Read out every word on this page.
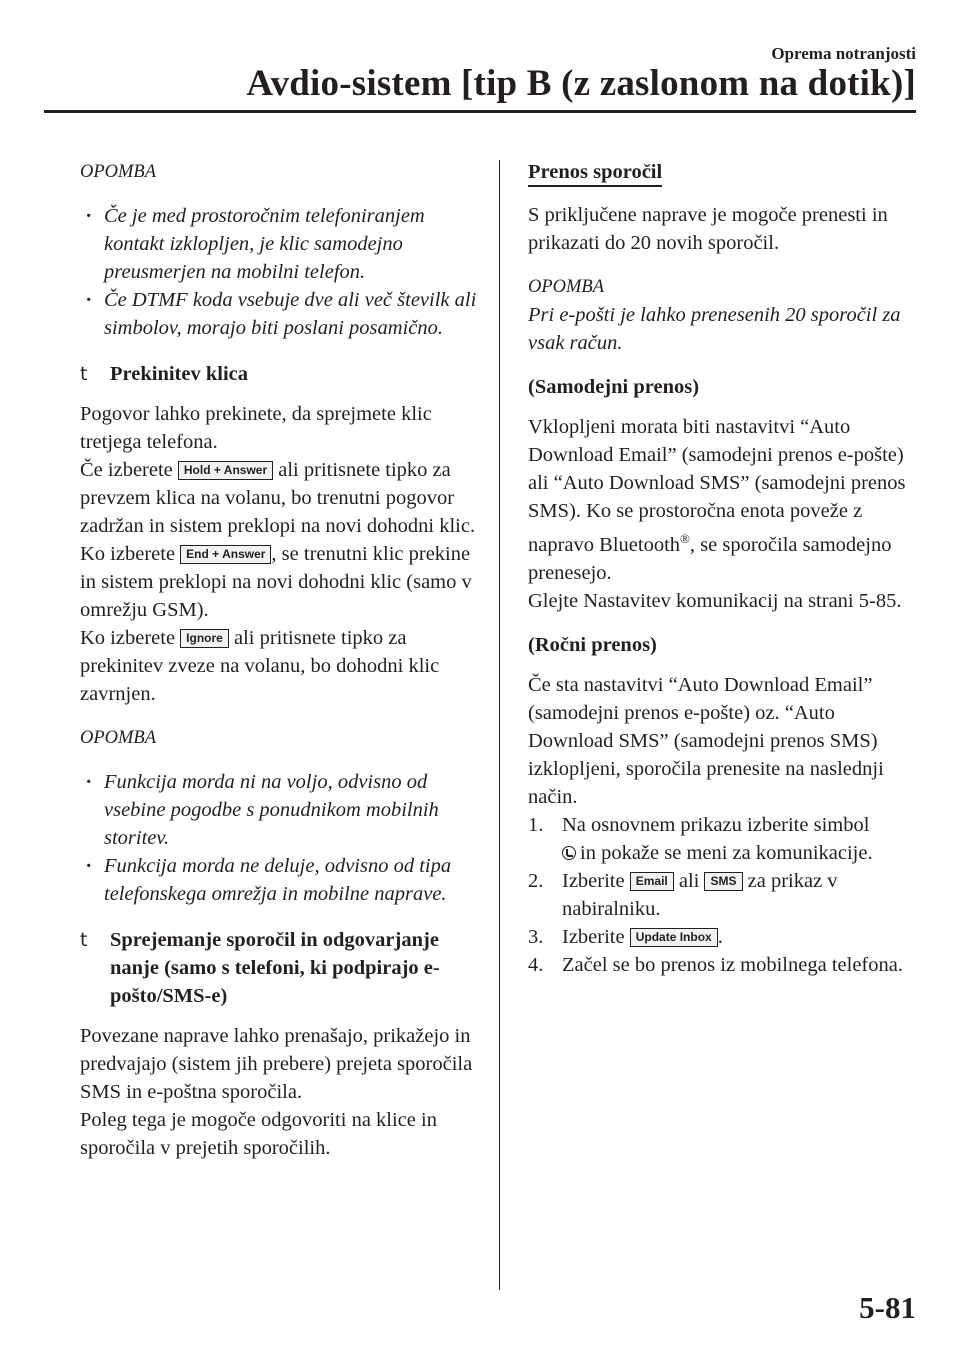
Oprema notranjosti
Avdio-sistem [tip B (z zaslonom na dotik)]

OPOMBA

· Če je med prostoročnim telefoniranjem kontakt izklopljen, je klic samodejno preusmerjen na mobilni telefon.
· Če DTMF koda vsebuje dve ali več številk ali simbolov, morajo biti poslani posamično.

t Prekinitev klica

Pogovor lahko prekinete, da sprejmete klic tretjega telefona.
Če izberete Hold + Answer ali pritisnete tipko za prevzem klica na volanu, bo trenutni pogovor zadržan in sistem preklopi na novi dohodni klic.
Ko izberete End + Answer , se trenutni klic prekine in sistem preklopi na novi dohodni klic (samo v omrežju GSM).
Ko izberete Ignore ali pritisnete tipko za prekinitev zveze na volanu, bo dohodni klic zavrnjen.

OPOMBA

· Funkcija morda ni na voljo, odvisno od vsebine pogodbe s ponudnikom mobilnih storitev.
· Funkcija morda ne deluje, odvisno od tipa telefonskega omrežja in mobilne naprave.

t Sprejemanje sporočil in odgovarjanje nanje (samo s telefoni, ki podpirajo e-pošto/SMS-e)

Povezane naprave lahko prenašajo, prikažejo in predvajajo (sistem jih prebere) prejeta sporočila SMS in e-poštna sporočila.
Poleg tega je mogoče odgovoriti na klice in sporočila v prejetih sporočilih.

Prenos sporočil

S priključene naprave je mogoče prenesti in prikazati do 20 novih sporočil.

OPOMBA

Pri e-pošti je lahko prenesenih 20 sporočil za vsak račun.

(Samodejni prenos)

Vklopljeni morata biti nastavitvi “Auto Download Email” (samodejni prenos e-pošte) ali “Auto Download SMS” (samodejni prenos SMS). Ko se prostoročna enota poveže z napravo Bluetooth®, se sporočila samodejno prenesejo.
Glejte Nastavitev komunikacij na strani 5-85.

(Ročni prenos)

Če sta nastavitvi “Auto Download Email” (samodejni prenos e-pošte) oz. “Auto Download SMS” (samodejni prenos SMS) izklopljeni, sporočila prenesite na naslednji način.

1. Na osnovnem prikazu izberite simbol
in pokaže se meni za komunikacije.
2. Izberite Email ali SMS za prikaz v nabiralniku.
3. Izberite Update Inbox .
4. Začel se bo prenos iz mobilnega telefona.
5-81
